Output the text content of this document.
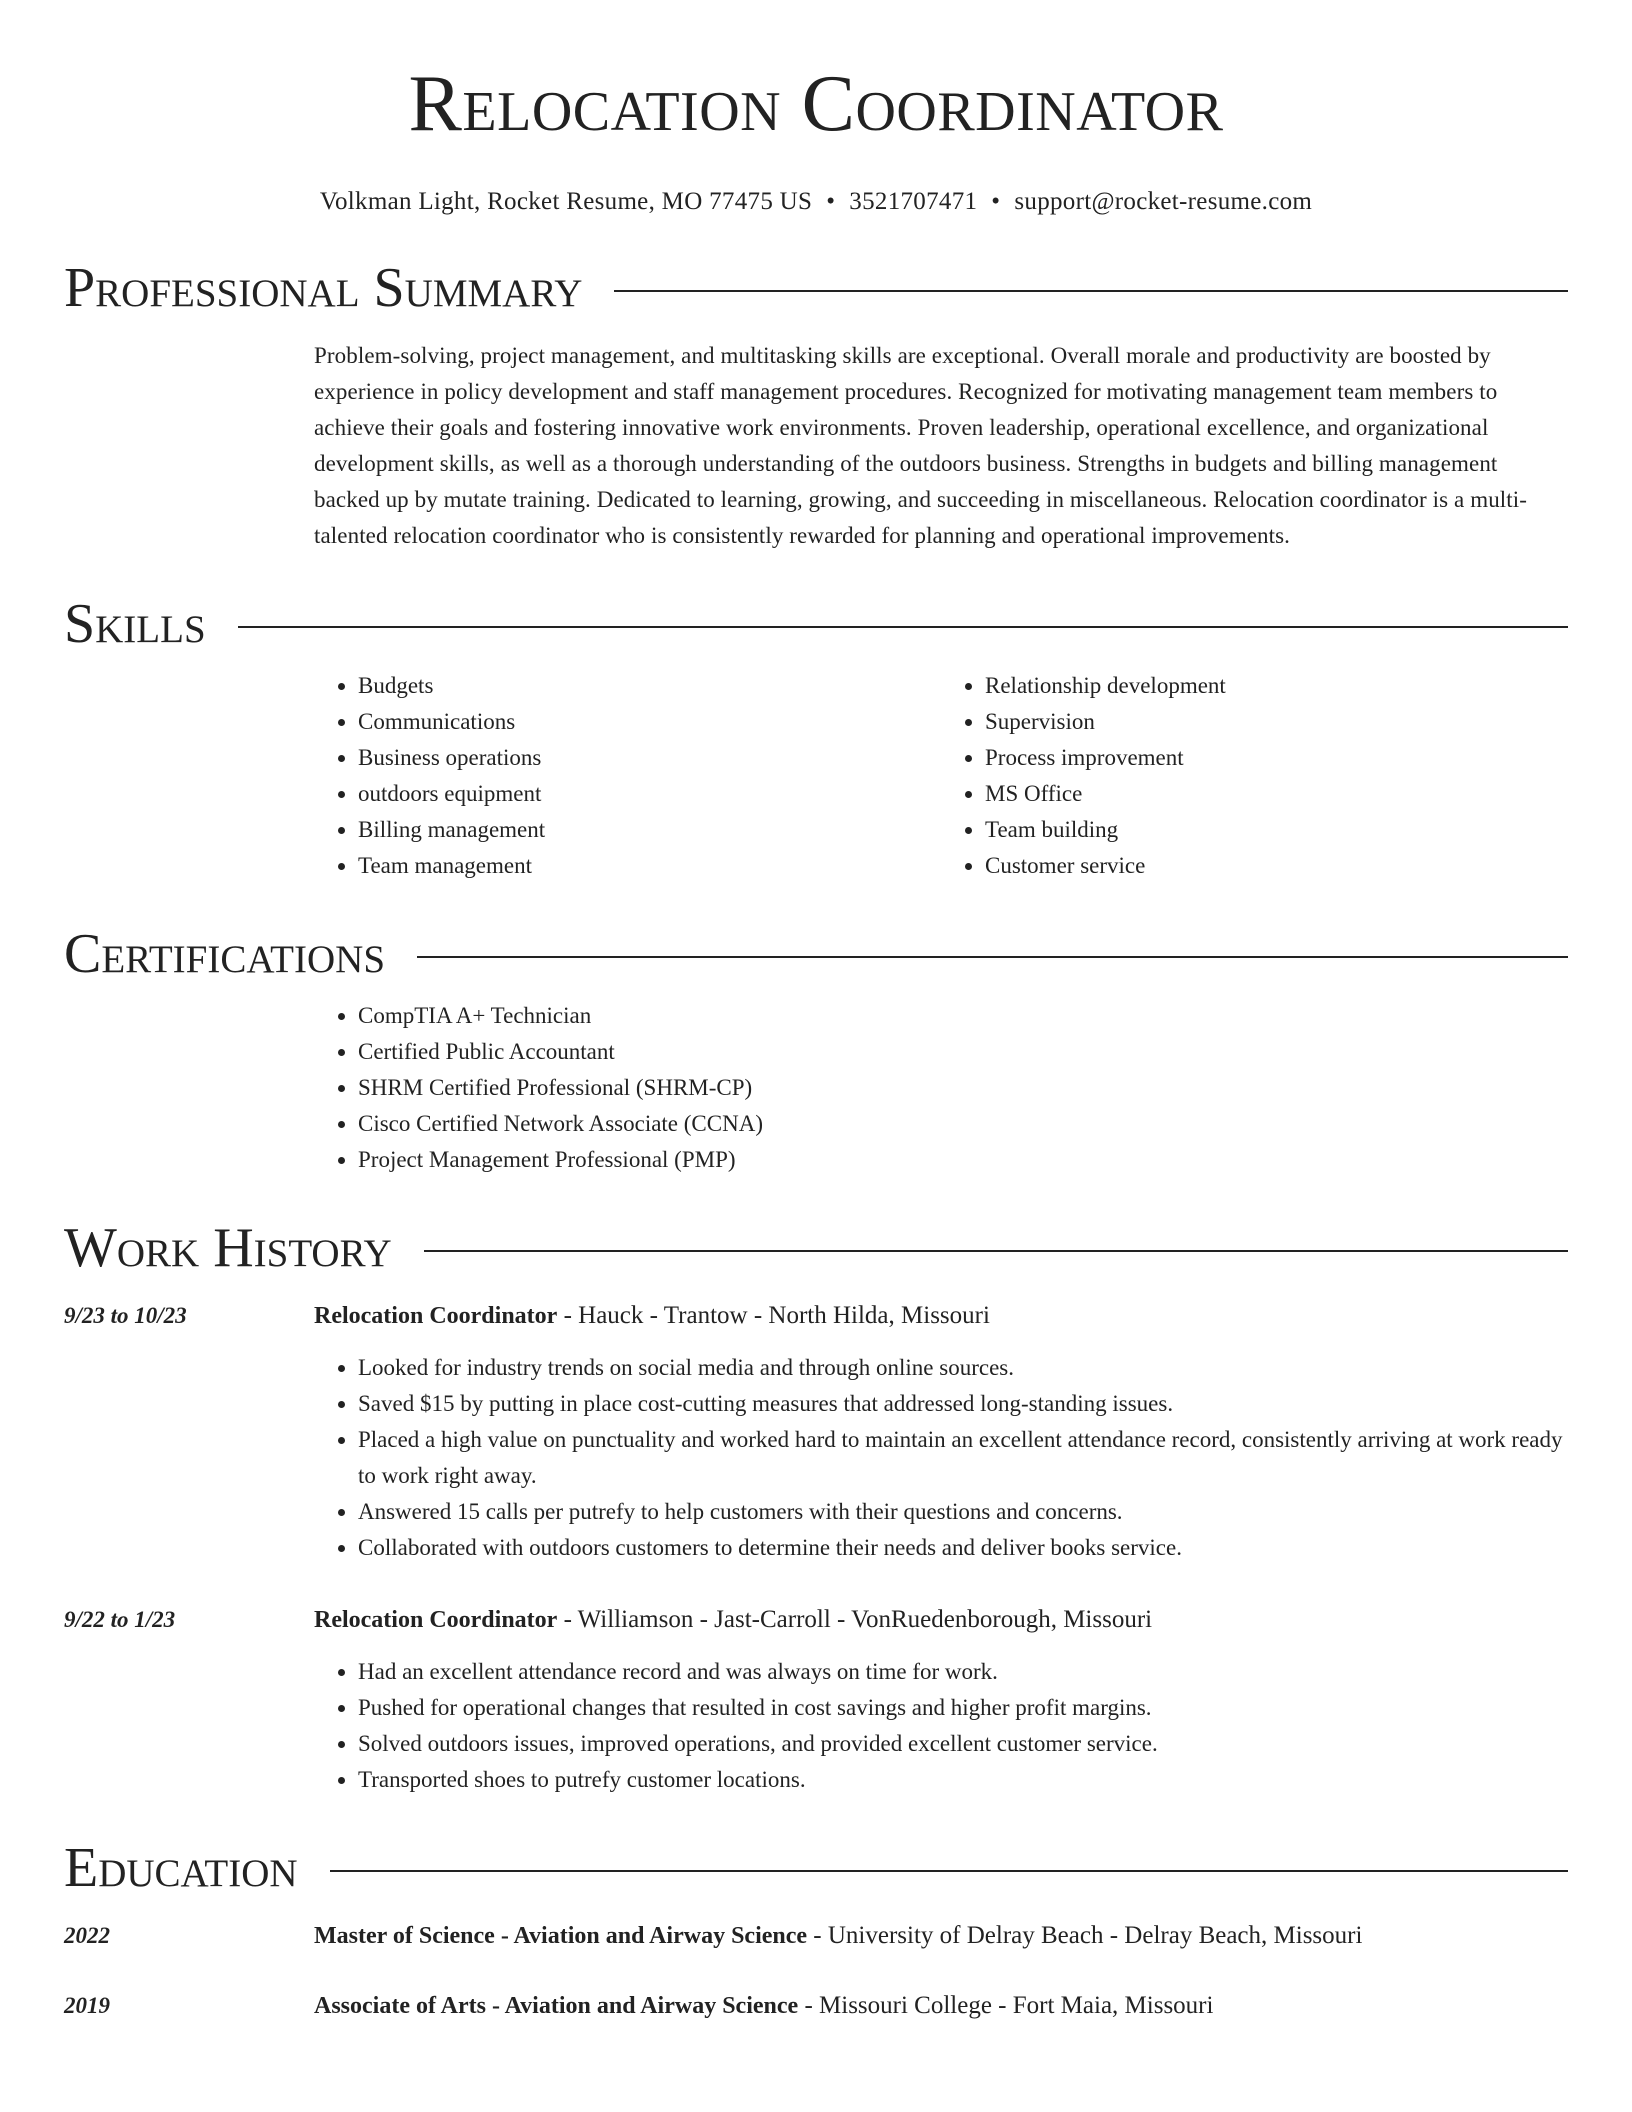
Relocation Coordinator
Volkman Light, Rocket Resume, MO 77475 US • 3521707471 • support@rocket-resume.com
Professional Summary
Problem-solving, project management, and multitasking skills are exceptional. Overall morale and productivity are boosted by experience in policy development and staff management procedures. Recognized for motivating management team members to achieve their goals and fostering innovative work environments. Proven leadership, operational excellence, and organizational development skills, as well as a thorough understanding of the outdoors business. Strengths in budgets and billing management backed up by mutate training. Dedicated to learning, growing, and succeeding in miscellaneous. Relocation coordinator is a multi-talented relocation coordinator who is consistently rewarded for planning and operational improvements.
Skills
• Budgets
• Communications
• Business operations
• outdoors equipment
• Billing management
• Team management
• Relationship development
• Supervision
• Process improvement
• MS Office
• Team building
• Customer service
Certifications
• CompTIA A+ Technician
• Certified Public Accountant
• SHRM Certified Professional (SHRM-CP)
• Cisco Certified Network Associate (CCNA)
• Project Management Professional (PMP)
Work History
9/23 to 10/23	Relocation Coordinator - Hauck - Trantow - North Hilda, Missouri
• Looked for industry trends on social media and through online sources.
• Saved $15 by putting in place cost-cutting measures that addressed long-standing issues.
• Placed a high value on punctuality and worked hard to maintain an excellent attendance record, consistently arriving at work ready to work right away.
• Answered 15 calls per putrefy to help customers with their questions and concerns.
• Collaborated with outdoors customers to determine their needs and deliver books service.
9/22 to 1/23	Relocation Coordinator - Williamson - Jast-Carroll - VonRuedenborough, Missouri
• Had an excellent attendance record and was always on time for work.
• Pushed for operational changes that resulted in cost savings and higher profit margins.
• Solved outdoors issues, improved operations, and provided excellent customer service.
• Transported shoes to putrefy customer locations.
Education
2022	Master of Science - Aviation and Airway Science - University of Delray Beach - Delray Beach, Missouri
2019	Associate of Arts - Aviation and Airway Science - Missouri College - Fort Maia, Missouri
